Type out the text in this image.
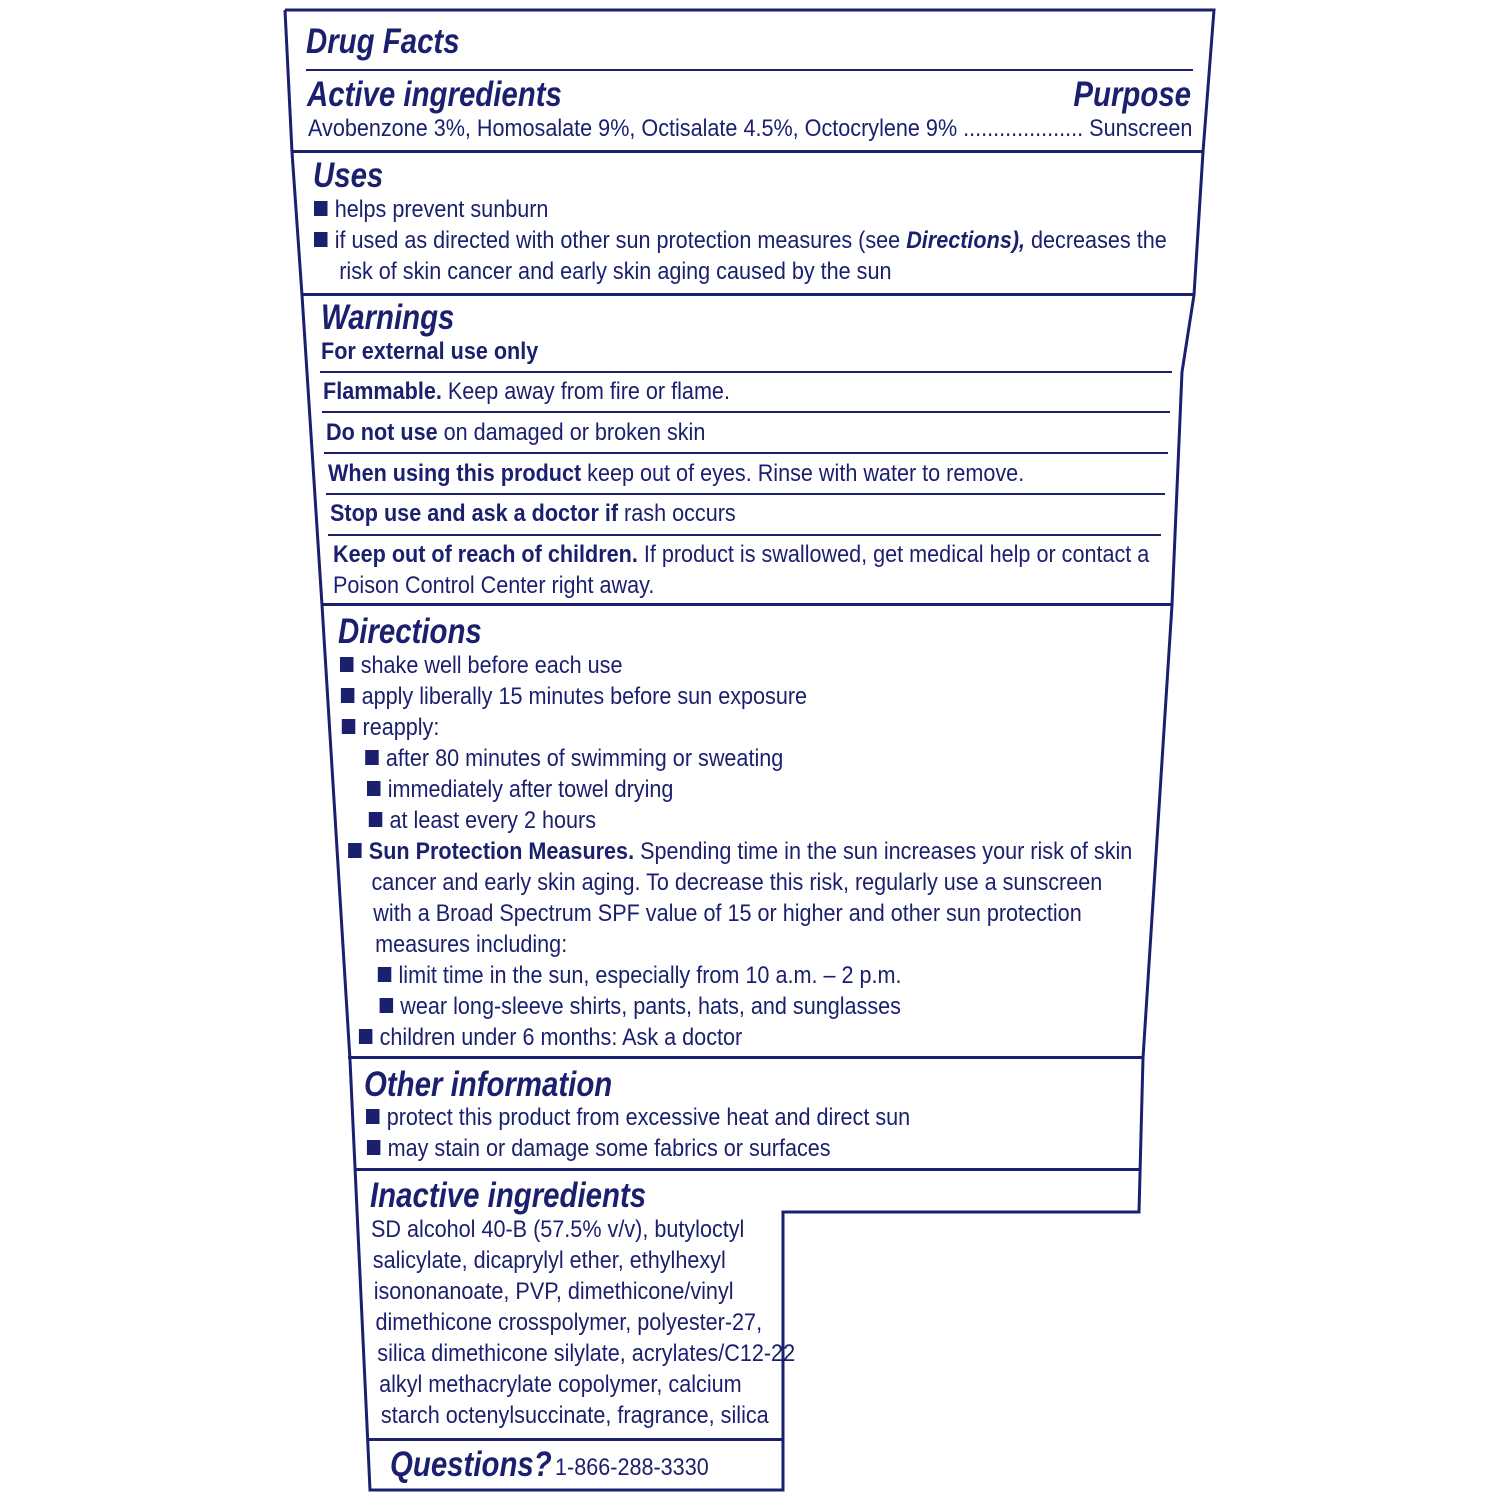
Drug Facts
Active ingredients	Purpose
Avobenzone 3%, Homosalate 9%, Octisalate 4.5%, Octocrylene 9% .................... Sunscreen
Uses
helps prevent sunburn
if used as directed with other sun protection measures (see Directions), decreases the
risk of skin cancer and early skin aging caused by the sun
Warnings
For external use only
Flammable. Keep away from fire or flame.
Do not use on damaged or broken skin
When using this product keep out of eyes. Rinse with water to remove.
Stop use and ask a doctor if rash occurs
Keep out of reach of children. If product is swallowed, get medical help or contact a
Poison Control Center right away.
Directions
shake well before each use
apply liberally 15 minutes before sun exposure
reapply:
after 80 minutes of swimming or sweating
immediately after towel drying
at least every 2 hours
Sun Protection Measures. Spending time in the sun increases your risk of skin
cancer and early skin aging. To decrease this risk, regularly use a sunscreen
with a Broad Spectrum SPF value of 15 or higher and other sun protection
measures including:
limit time in the sun, especially from 10 a.m. – 2 p.m.
wear long-sleeve shirts, pants, hats, and sunglasses
children under 6 months: Ask a doctor
Other information
protect this product from excessive heat and direct sun
may stain or damage some fabrics or surfaces
Inactive ingredients
SD alcohol 40-B (57.5% v/v), butyloctyl
salicylate, dicaprylyl ether, ethylhexyl
isononanoate, PVP, dimethicone/vinyl
dimethicone crosspolymer, polyester-27,
silica dimethicone silylate, acrylates/C12-22
alkyl methacrylate copolymer, calcium
starch octenylsuccinate, fragrance, silica
Questions? 1-866-288-3330
